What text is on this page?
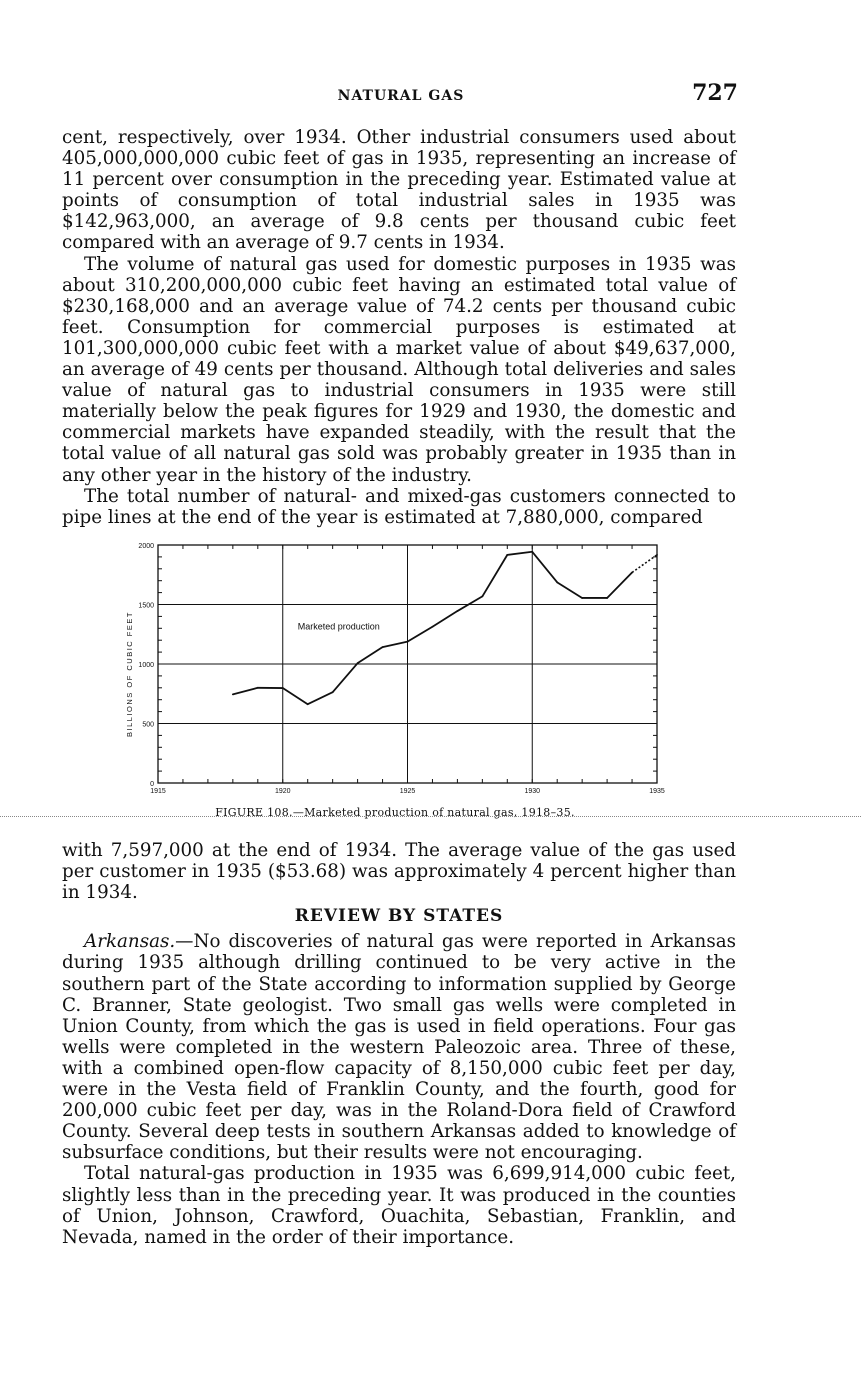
NATURAL GAS	727

cent, respectively, over 1934. Other industrial consumers used about 405,000,000,000 cubic feet of gas in 1935, representing an increase of 11 percent over consumption in the preceding year. Estimated value at points of consumption of total industrial sales in 1935 was $142,963,000, an average of 9.8 cents per thousand cubic feet compared with an average of 9.7 cents in 1934.

The volume of natural gas used for domestic purposes in 1935 was about 310,200,000,000 cubic feet having an estimated total value of $230,168,000 and an average value of 74.2 cents per thousand cubic feet. Consumption for commercial purposes is estimated at 101,300,000,000 cubic feet with a market value of about $49,637,000, an average of 49 cents per thousand. Although total deliveries and sales value of natural gas to industrial consumers in 1935 were still materially below the peak figures for 1929 and 1930, the domestic and commercial markets have expanded steadily, with the result that the total value of all natural gas sold was probably greater in 1935 than in any other year in the history of the industry.

The total number of natural- and mixed-gas customers connected to pipe lines at the end of the year is estimated at 7,880,000, compared

0
500
1000
1500
2000
1915	1920	1925	1930	1935
BILLIONS OF CUBIC FEET	Marketed production
FIGURE 108.—Marketed production of natural gas, 1918–35.

with 7,597,000 at the end of 1934. The average value of the gas used per customer in 1935 ($53.68) was approximately 4 percent higher than in 1934.

REVIEW BY STATES

Arkansas.—No discoveries of natural gas were reported in Arkansas during 1935 although drilling continued to be very active in the southern part of the State according to information supplied by George C. Branner, State geologist. Two small gas wells were completed in Union County, from which the gas is used in field operations. Four gas wells were completed in the western Paleozoic area. Three of these, with a combined open-flow capacity of 8,150,000 cubic feet per day, were in the Vesta field of Franklin County, and the fourth, good for 200,000 cubic feet per day, was in the Roland-Dora field of Crawford County. Several deep tests in southern Arkansas added to knowledge of subsurface conditions, but their results were not encouraging.

Total natural-gas production in 1935 was 6,699,914,000 cubic feet, slightly less than in the preceding year. It was produced in the counties of Union, Johnson, Crawford, Ouachita, Sebastian, Franklin, and Nevada, named in the order of their importance.
